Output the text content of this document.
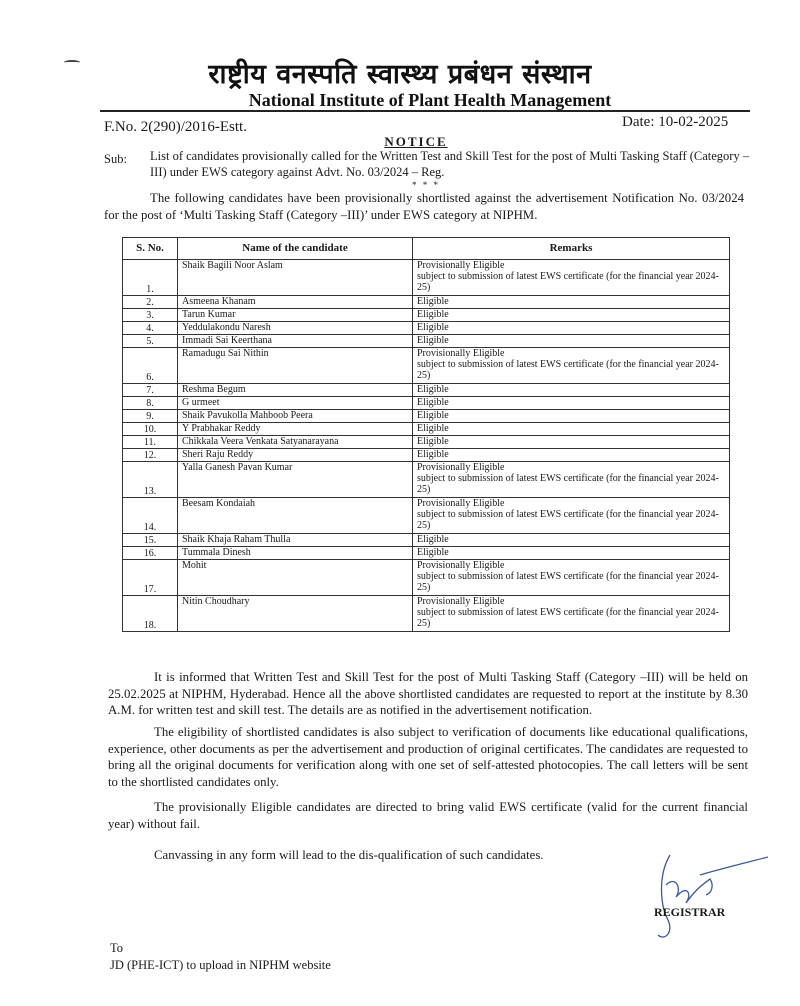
राष्ट्रीय वनस्पति स्वास्थ्य प्रबंधन संस्थान
National Institute of Plant Health Management
F.No. 2(290)/2016-Estt.	Date: 10-02-2025
NOTICE
Sub: List of candidates provisionally called for the Written Test and Skill Test for the post of Multi Tasking Staff (Category –III) under EWS category against Advt. No. 03/2024 – Reg.
* * *
The following candidates have been provisionally shortlisted against the advertisement Notification No. 03/2024 for the post of ‘Multi Tasking Staff (Category –III)’ under EWS category at NIPHM.
S. No.	Name of the candidate	Remarks
1.	Shaik Bagili Noor Aslam	Provisionally Eligible
subject to submission of latest EWS certificate (for the financial year 2024-25)

2.	Asmeena Khanam	Eligible

3.	Tarun Kumar	Eligible

4.	Yeddulakondu Naresh	Eligible

5.	Immadi Sai Keerthana	Eligible

6.	Ramadugu Sai Nithin	Provisionally Eligible
subject to submission of latest EWS certificate (for the financial year 2024-25)

7.	Reshma Begum	Eligible

8.	G urmeet	Eligible

9.	Shaik Pavukolla Mahboob Peera	Eligible

10.	Y Prabhakar Reddy	Eligible

11.	Chikkala Veera Venkata Satyanarayana	Eligible

12.	Sheri Raju Reddy	Eligible

13.	Yalla Ganesh Pavan Kumar	Provisionally Eligible
subject to submission of latest EWS certificate (for the financial year 2024-25)

14.	Beesam Kondaiah	Provisionally Eligible
subject to submission of latest EWS certificate (for the financial year 2024-25)

15.	Shaik Khaja Raham Thulla	Eligible

16.	Tummala Dinesh	Eligible

17.	Mohit	Provisionally Eligible
subject to submission of latest EWS certificate (for the financial year 2024-25)

18.	Nitin Choudhary	Provisionally Eligible
subject to submission of latest EWS certificate (for the financial year 2024-25)
It is informed that Written Test and Skill Test for the post of Multi Tasking Staff (Category –III) will be held on 25.02.2025 at NIPHM, Hyderabad. Hence all the above shortlisted candidates are requested to report at the institute by 8.30 A.M. for written test and skill test. The details are as notified in the advertisement notification.
The eligibility of shortlisted candidates is also subject to verification of documents like educational qualifications, experience, other documents as per the advertisement and production of original certificates. The candidates are requested to bring all the original documents for verification along with one set of self-attested photocopies. The call letters will be sent to the shortlisted candidates only.
The provisionally Eligible candidates are directed to bring valid EWS certificate (valid for the current financial year) without fail.
Canvassing in any form will lead to the dis-qualification of such candidates.
REGISTRAR
To
JD (PHE-ICT) to upload in NIPHM website
